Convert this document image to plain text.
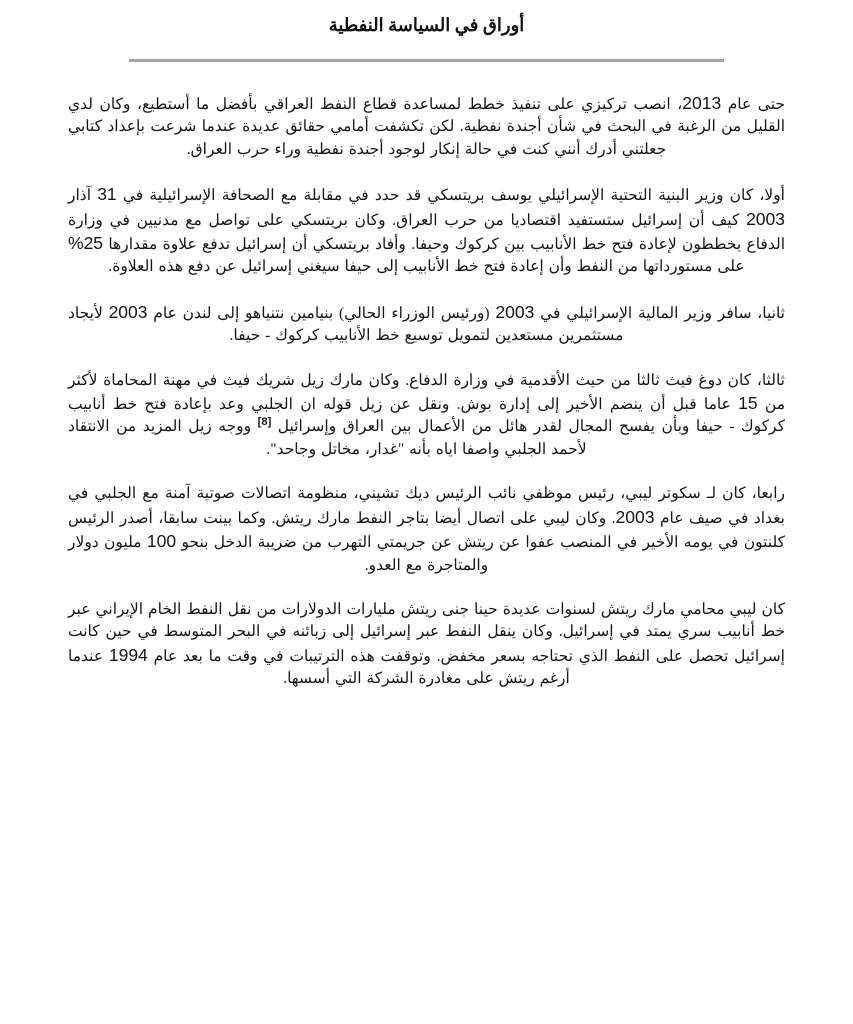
أوراق في السياسة النفطية

حتى عام 2013، انصب تركيزي على تنفيذ خطط لمساعدة قطاع النفط العراقي بأفضل ما أستطيع، وكان لدي القليل من الرغبة في البحث في شأن أجندة نفطية. لكن تكشفت أمامي حقائق عديدة عندما شرعت بإعداد كتابي جعلتني أدرك أنني كنت في حالة إنكار لوجود أجندة نفطية وراء حرب العراق.

أولا، كان وزير البنية التحتية الإسرائيلي يوسف بريتسكي قد حدد في مقابلة مع الصحافة الإسرائيلية في 31 آذار 2003 كيف أن إسرائيل ستستفيد اقتصاديا من حرب العراق. وكان بريتسكي على تواصل مع مدنيين في وزارة الدفاع يخططون لإعادة فتح خط الأنابيب بين كركوك وحيفا. وأفاد بريتسكي أن إسرائيل تدفع علاوة مقدارها 25% على مستورداتها من النفط وأن إعادة فتح خط الأنابيب إلى حيفا سيغني إسرائيل عن دفع هذه العلاوة.

ثانيا، سافر وزير المالية الإسرائيلي في 2003 (ورئيس الوزراء الحالي) بنيامين نتنياهو إلى لندن عام 2003 لأيجاد مستثمرين مستعدين لتمويل توسيع خط الأنابيب كركوك - حيفا.

ثالثا، كان دوغ فيث ثالثا من حيث الأقدمية في وزارة الدفاع. وكان مارك زيل شريك فيث في مهنة المحاماة لأكثر من 15 عاما قبل أن ينضم الأخير إلى إدارة بوش. ونقل عن زيل قوله ان الجلبي وعد بإعادة فتح خط أنابيب كركوك - حيفا وبأن يفسح المجال لقدر هائل من الأعمال بين العراق وإسرائيل [8] ووجه زيل المزيد من الانتقاد لأحمد الجلبي واصفا اياه بأنه "غدار، مخاتل وجاحد".

رابعا، كان لـ سكوتر ليبي، رئيس موظفي نائب الرئيس ديك تشيني، منظومة اتصالات صوتية آمنة مع الجلبي في بغداد في صيف عام 2003. وكان ليبي على اتصال أيضا بتاجر النفط مارك ريتش. وكما بينت سابقا، أصدر الرئيس كلنتون في يومه الأخير في المنصب عفوا عن ريتش عن جريمتي التهرب من ضريبة الدخل بنحو 100 مليون دولار والمتاجرة مع العدو.

كان ليبي محامي مارك ريتش لسنوات عديدة حينا جنى ريتش مليارات الدولارات من نقل النفط الخام الإيراني عبر خط أنابيب سري يمتد في إسرائيل. وكان ينقل النفط عبر إسرائيل إلى زبائنه في البحر المتوسط في حين كانت إسرائيل تحصل على النفط الذي تحتاجه بسعر مخفض. وتوقفت هذه الترتيبات في وقت ما بعد عام 1994 عندما أرغم ريتش على مغادرة الشركة التي أسسها.
